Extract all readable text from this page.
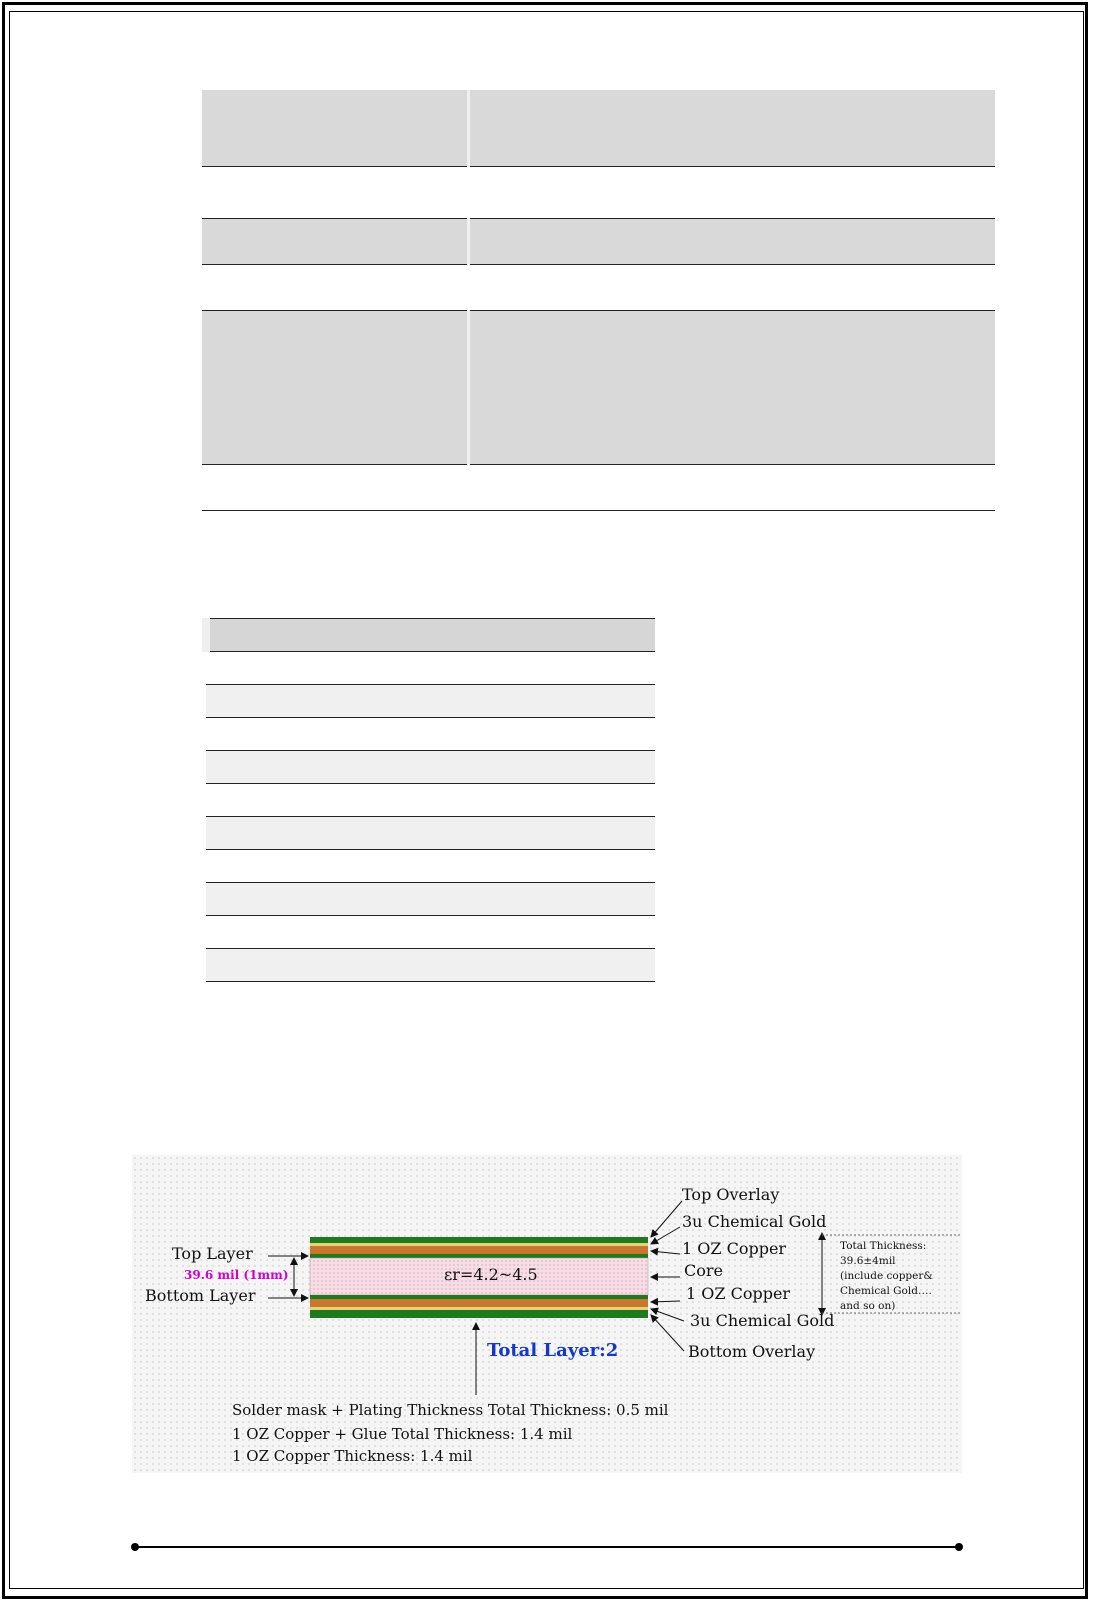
Top Overlay
3u Chemical Gold
1 OZ Copper
Core
1 OZ Copper
3u Chemical Gold
Bottom Overlay
Top Layer
Bottom Layer
39.6 mil (1mm)	εr=4.2~4.5
Total Layer:2
Total Thickness:
39.6±4mil
(include copper&
Chemical Gold….
and so on)
Solder mask + Plating Thickness Total Thickness: 0.5 mil
1 OZ Copper + Glue Total Thickness: 1.4 mil
1 OZ Copper Thickness: 1.4 mil
